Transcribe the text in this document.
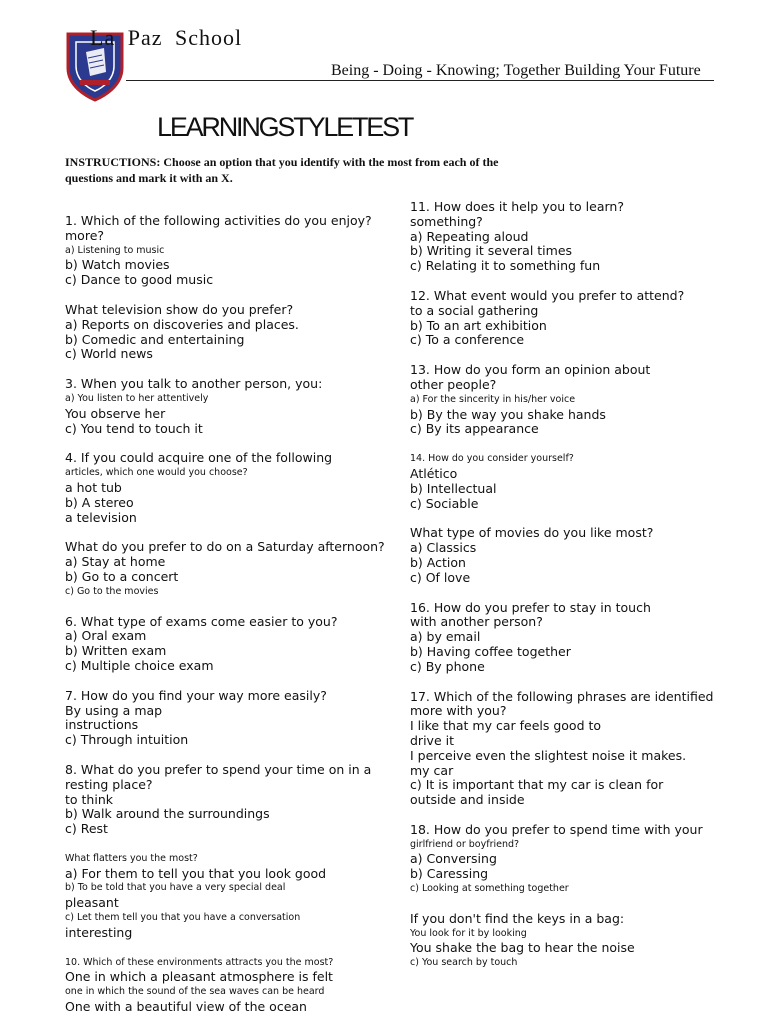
La Paz School
Being - Doing - Knowing; Together Building Your Future
LEARNINGSTYLETEST
INSTRUCTIONS: Choose an option that you identify with the most from each of the questions and mark it with an X.
1. Which of the following activities do you enjoy?
more?
a) Listening to music
b) Watch movies
c) Dance to good music
What television show do you prefer?
a) Reports on discoveries and places.
b) Comedic and entertaining
c) World news
3. When you talk to another person, you:
a) You listen to her attentively
You observe her
c) You tend to touch it
4. If you could acquire one of the following
articles, which one would you choose?
a hot tub
b) A stereo
a television
What do you prefer to do on a Saturday afternoon?
a) Stay at home
b) Go to a concert
c) Go to the movies
6. What type of exams come easier to you?
a) Oral exam
b) Written exam
c) Multiple choice exam
7. How do you find your way more easily?
By using a map
instructions
c) Through intuition
8. What do you prefer to spend your time on in a
resting place?
to think
b) Walk around the surroundings
c) Rest
What flatters you the most?
a) For them to tell you that you look good
b) To be told that you have a very special deal
pleasant
c) Let them tell you that you have a conversation
interesting
10. Which of these environments attracts you the most?
One in which a pleasant atmosphere is felt
one in which the sound of the sea waves can be heard
One with a beautiful view of the ocean
11. How does it help you to learn?
something?
a) Repeating aloud
b) Writing it several times
c) Relating it to something fun
12. What event would you prefer to attend?
to a social gathering
b) To an art exhibition
c) To a conference
13. How do you form an opinion about
other people?
a) For the sincerity in his/her voice
b) By the way you shake hands
c) By its appearance
14. How do you consider yourself?
Atlético
b) Intellectual
c) Sociable
What type of movies do you like most?
a) Classics
b) Action
c) Of love
16. How do you prefer to stay in touch
with another person?
a) by email
b) Having coffee together
c) By phone
17. Which of the following phrases are identified
more with you?
I like that my car feels good to
drive it
I perceive even the slightest noise it makes.
my car
c) It is important that my car is clean for
outside and inside
18. How do you prefer to spend time with your
girlfriend or boyfriend?
a) Conversing
b) Caressing
c) Looking at something together
If you don't find the keys in a bag:
You look for it by looking
You shake the bag to hear the noise
c) You search by touch
